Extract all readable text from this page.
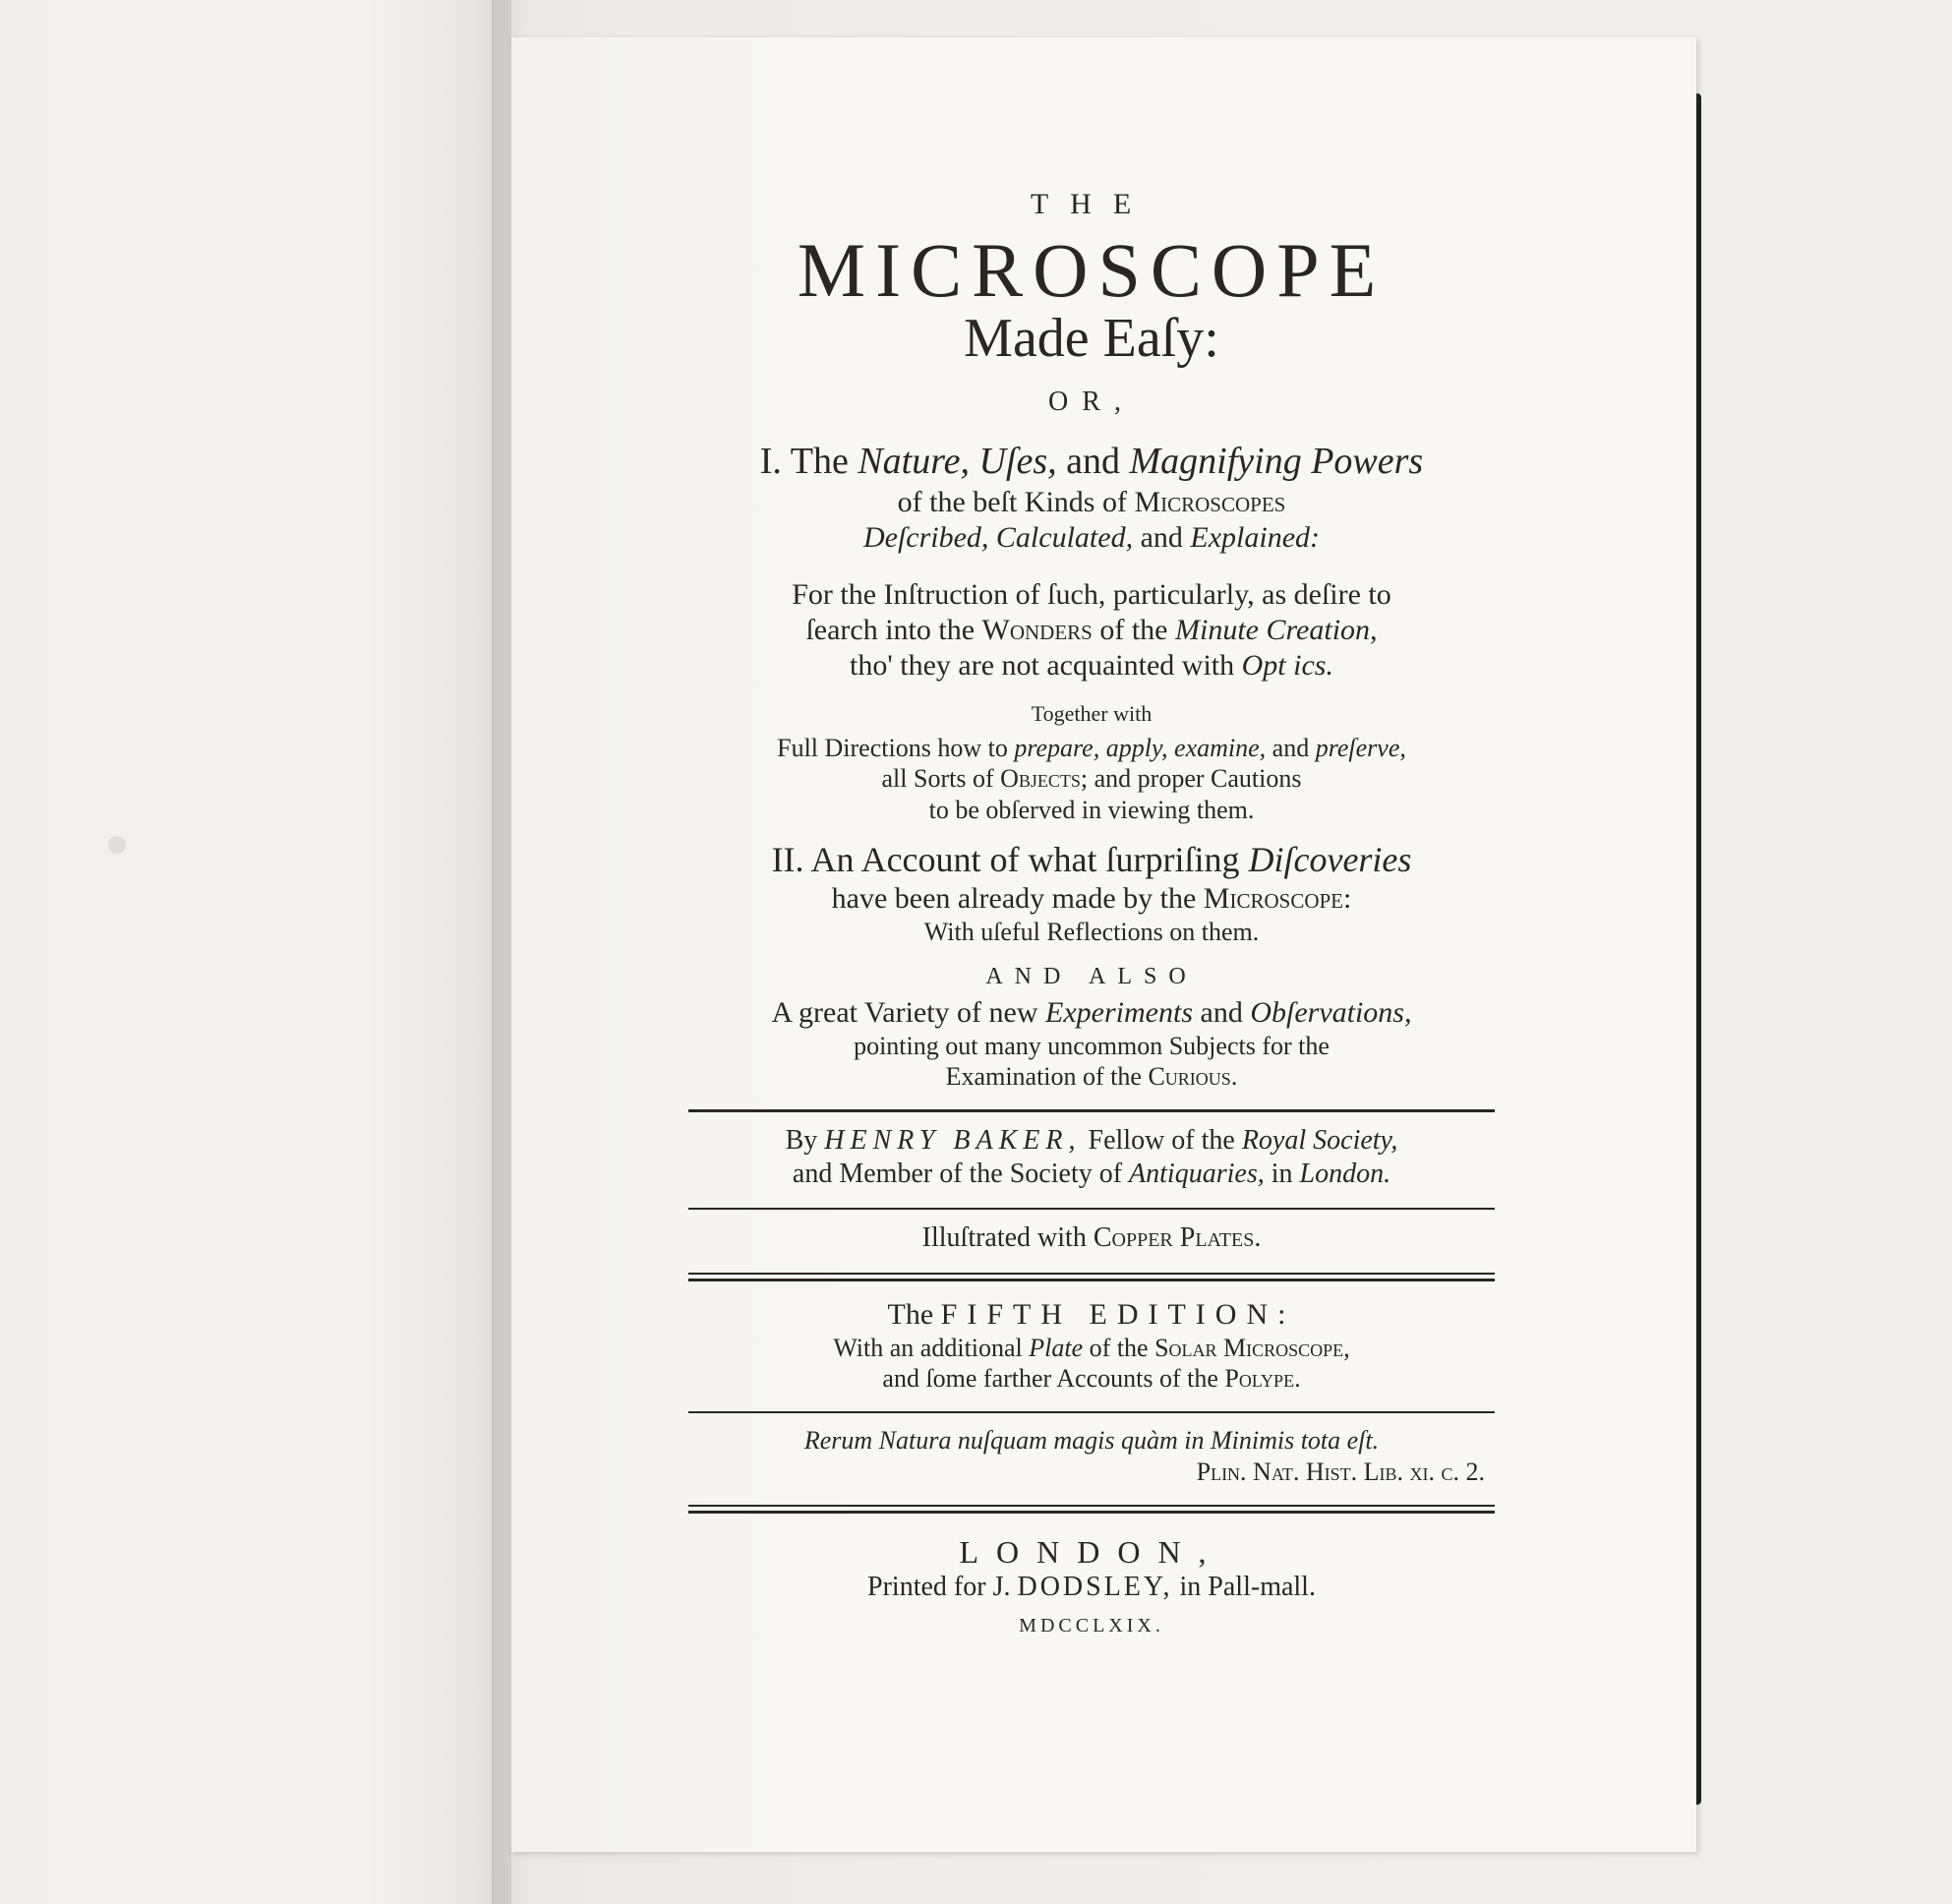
THE
MICROSCOPE
Made Eaſy:
OR,
I. The Nature, Uſes, and Magnifying Powers
of the beſt Kinds of Microscopes
Deſcribed, Calculated, and Explained:
For the Inſtruction of ſuch, particularly, as deſire to
ſearch into the Wonders of the Minute Creation,
tho' they are not acquainted with Opt ics.
Together with
Full Directions how to prepare, apply, examine, and preſerve,
all Sorts of Objects; and proper Cautions
to be obſerved in viewing them.
II. An Account of what ſurpriſing Diſcoveries
have been already made by the Microscope:
With uſeful Reflections on them.
AND ALSO
A great Variety of new Experiments and Obſervations,
pointing out many uncommon Subjects for the
Examination of the Curious.
By HENRY BAKER, Fellow of the Royal Society,
and Member of the Society of Antiquaries, in London.
Illuſtrated with Copper Plates.
The FIFTH EDITION:
With an additional Plate of the Solar Microscope,
and ſome farther Accounts of the Polype.
Rerum Natura nuſquam magis quàm in Minimis tota eſt.
Plin. Nat. Hiſt. Lib. xi. c. 2.
LONDON,
Printed for J. DODSLEY, in Pall-mall.
MDCCLXIX.
